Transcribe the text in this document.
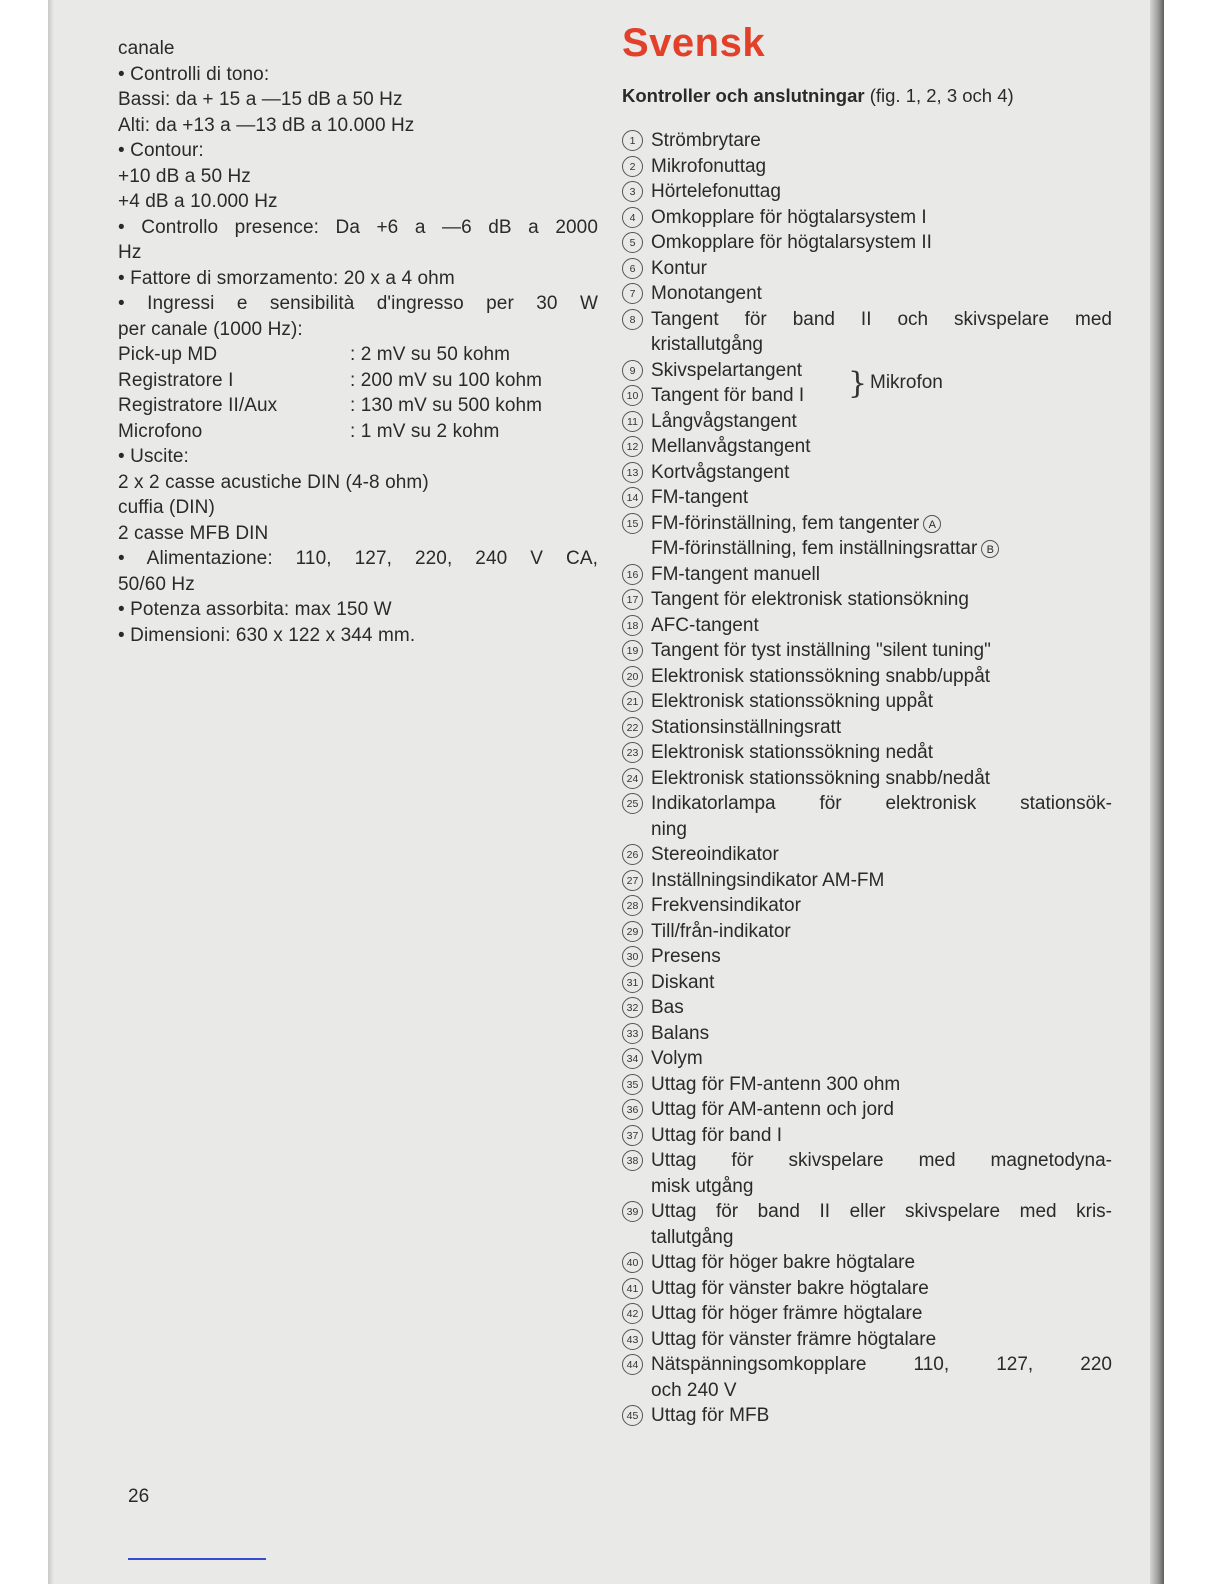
canale

• Controlli di tono:

Bassi: da + 15 a —15 dB a 50 Hz

Alti: da +13 a —13 dB a 10.000 Hz

• Contour:

+10 dB a 50 Hz

+4 dB a 10.000 Hz

• Controllo presence: Da +6 a —6 dB a 2000

Hz

• Fattore di smorzamento: 20 x a 4 ohm

• Ingressi e sensibilità d'ingresso per 30 W

per canale (1000 Hz):

Pick-up MD	: 2 mV su 50 kohm
Registratore I	: 200 mV su 100 kohm
Registratore II/Aux	: 130 mV su 500 kohm
Microfono	: 1 mV su 2 kohm

• Uscite:

2 x 2 casse acustiche DIN (4-8 ohm)

cuffia (DIN)

2 casse MFB DIN

• Alimentazione: 110, 127, 220, 240 V CA,

50/60 Hz

• Potenza assorbita: max 150 W

• Dimensioni: 630 x 122 x 344 mm.

26
Svensk
Kontroller och anslutningar (fig. 1, 2, 3 och 4)
1 Strömbrytare
2 Mikrofonuttag
3 Hörtelefonuttag
4 Omkopplare för högtalarsystem I
5 Omkopplare för högtalarsystem II
6 Kontur
7 Monotangent
8 Tangent för band II och skivspelare med
kristallutgång
9 Skivspelartangent
10 Tangent för band I	} Mikrofon
11 Långvågstangent
12 Mellanvågstangent
13 Kortvågstangent
14 FM-tangent
15 FM-förinställning, fem tangenter A
FM-förinställning, fem inställningsrattar B
16 FM-tangent manuell
17 Tangent för elektronisk stationsökning
18 AFC-tangent
19 Tangent för tyst inställning "silent tuning"
20 Elektronisk stationssökning snabb/uppåt
21 Elektronisk stationssökning uppåt
22 Stationsinställningsratt
23 Elektronisk stationssökning nedåt
24 Elektronisk stationssökning snabb/nedåt
25 Indikatorlampa för elektronisk stationsök-
ning
26 Stereoindikator
27 Inställningsindikator AM-FM
28 Frekvensindikator
29 Till/från-indikator
30 Presens
31 Diskant
32 Bas
33 Balans
34 Volym
35 Uttag för FM-antenn 300 ohm
36 Uttag för AM-antenn och jord
37 Uttag för band I
38 Uttag för skivspelare med magnetodyna-
misk utgång
39 Uttag för band II eller skivspelare med kris-
tallutgång
40 Uttag för höger bakre högtalare
41 Uttag för vänster bakre högtalare
42 Uttag för höger främre högtalare
43 Uttag för vänster främre högtalare
44 Nätspänningsomkopplare 110, 127, 220
och 240 V
45 Uttag för MFB
